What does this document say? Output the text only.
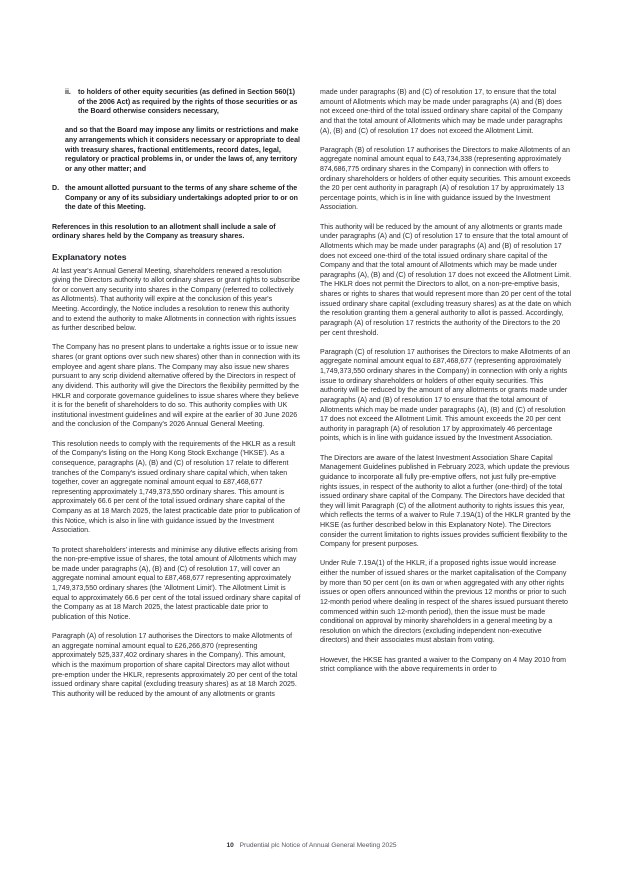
ii. to holders of other equity securities (as defined in Section 560(1) of the 2006 Act) as required by the rights of those securities or as the Board otherwise considers necessary,
and so that the Board may impose any limits or restrictions and make any arrangements which it considers necessary or appropriate to deal with treasury shares, fractional entitlements, record dates, legal, regulatory or practical problems in, or under the laws of, any territory or any other matter; and
D. the amount allotted pursuant to the terms of any share scheme of the Company or any of its subsidiary undertakings adopted prior to or on the date of this Meeting.

References in this resolution to an allotment shall include a sale of ordinary shares held by the Company as treasury shares.

Explanatory notes

At last year's Annual General Meeting, shareholders renewed a resolution giving the Directors authority to allot ordinary shares or grant rights to subscribe for or convert any security into shares in the Company (referred to collectively as Allotments). That authority will expire at the conclusion of this year's Meeting. Accordingly, the Notice includes a resolution to renew this authority and to extend the authority to make Allotments in connection with rights issues as further described below.

The Company has no present plans to undertake a rights issue or to issue new shares (or grant options over such new shares) other than in connection with its employee and agent share plans. The Company may also issue new shares pursuant to any scrip dividend alternative offered by the Directors in respect of any dividend. This authority will give the Directors the flexibility permitted by the HKLR and corporate governance guidelines to issue shares where they believe it is for the benefit of shareholders to do so. This authority complies with UK institutional investment guidelines and will expire at the earlier of 30 June 2026 and the conclusion of the Company's 2026 Annual General Meeting.

This resolution needs to comply with the requirements of the HKLR as a result of the Company's listing on the Hong Kong Stock Exchange ('HKSE'). As a consequence, paragraphs (A), (B) and (C) of resolution 17 relate to different tranches of the Company's issued ordinary share capital which, when taken together, cover an aggregate nominal amount equal to £87,468,677 representing approximately 1,749,373,550 ordinary shares. This amount is approximately 66.6 per cent of the total issued ordinary share capital of the Company as at 18 March 2025, the latest practicable date prior to publication of this Notice, which is also in line with guidance issued by the Investment Association.

To protect shareholders' interests and minimise any dilutive effects arising from the non-pre-emptive issue of shares, the total amount of Allotments which may be made under paragraphs (A), (B) and (C) of resolution 17, will cover an aggregate nominal amount equal to £87,468,677 representing approximately 1,749,373,550 ordinary shares (the 'Allotment Limit'). The Allotment Limit is equal to approximately 66.6 per cent of the total issued ordinary share capital of the Company as at 18 March 2025, the latest practicable date prior to publication of this Notice.

Paragraph (A) of resolution 17 authorises the Directors to make Allotments of an aggregate nominal amount equal to £26,266,870 (representing approximately 525,337,402 ordinary shares in the Company). This amount, which is the maximum proportion of share capital Directors may allot without pre-emption under the HKLR, represents approximately 20 per cent of the total issued ordinary share capital (excluding treasury shares) as at 18 March 2025. This authority will be reduced by the amount of any allotments or grants

made under paragraphs (B) and (C) of resolution 17, to ensure that the total amount of Allotments which may be made under paragraphs (A) and (B) does not exceed one-third of the total issued ordinary share capital of the Company and that the total amount of Allotments which may be made under paragraphs (A), (B) and (C) of resolution 17 does not exceed the Allotment Limit.

Paragraph (B) of resolution 17 authorises the Directors to make Allotments of an aggregate nominal amount equal to £43,734,338 (representing approximately 874,686,775 ordinary shares in the Company) in connection with offers to ordinary shareholders or holders of other equity securities. This amount exceeds the 20 per cent authority in paragraph (A) of resolution 17 by approximately 13 percentage points, which is in line with guidance issued by the Investment Association.

This authority will be reduced by the amount of any allotments or grants made under paragraphs (A) and (C) of resolution 17 to ensure that the total amount of Allotments which may be made under paragraphs (A) and (B) of resolution 17 does not exceed one-third of the total issued ordinary share capital of the Company and that the total amount of Allotments which may be made under paragraphs (A), (B) and (C) of resolution 17 does not exceed the Allotment Limit. The HKLR does not permit the Directors to allot, on a non-pre-emptive basis, shares or rights to shares that would represent more than 20 per cent of the total issued ordinary share capital (excluding treasury shares) as at the date on which the resolution granting them a general authority to allot is passed. Accordingly, paragraph (A) of resolution 17 restricts the authority of the Directors to the 20 per cent threshold.

Paragraph (C) of resolution 17 authorises the Directors to make Allotments of an aggregate nominal amount equal to £87,468,677 (representing approximately 1,749,373,550 ordinary shares in the Company) in connection with only a rights issue to ordinary shareholders or holders of other equity securities. This authority will be reduced by the amount of any allotments or grants made under paragraphs (A) and (B) of resolution 17 to ensure that the total amount of Allotments which may be made under paragraphs (A), (B) and (C) of resolution 17 does not exceed the Allotment Limit. This amount exceeds the 20 per cent authority in paragraph (A) of resolution 17 by approximately 46 percentage points, which is in line with guidance issued by the Investment Association.

The Directors are aware of the latest Investment Association Share Capital Management Guidelines published in February 2023, which update the previous guidance to incorporate all fully pre-emptive offers, not just fully pre-emptive rights issues, in respect of the authority to allot a further (one-third) of the total issued ordinary share capital of the Company. The Directors have decided that they will limit Paragraph (C) of the allotment authority to rights issues this year, which reflects the terms of a waiver to Rule 7.19A(1) of the HKLR granted by the HKSE (as further described below in this Explanatory Note). The Directors consider the current limitation to rights issues provides sufficient flexibility to the Company for present purposes.

Under Rule 7.19A(1) of the HKLR, if a proposed rights issue would increase either the number of issued shares or the market capitalisation of the Company by more than 50 per cent (on its own or when aggregated with any other rights issues or open offers announced within the previous 12 months or prior to such 12-month period where dealing in respect of the shares issued pursuant thereto commenced within such 12-month period), then the issue must be made conditional on approval by minority shareholders in a general meeting by a resolution on which the directors (excluding independent non-executive directors) and their associates must abstain from voting.

However, the HKSE has granted a waiver to the Company on 4 May 2010 from strict compliance with the above requirements in order to

10 Prudential plc Notice of Annual General Meeting 2025
